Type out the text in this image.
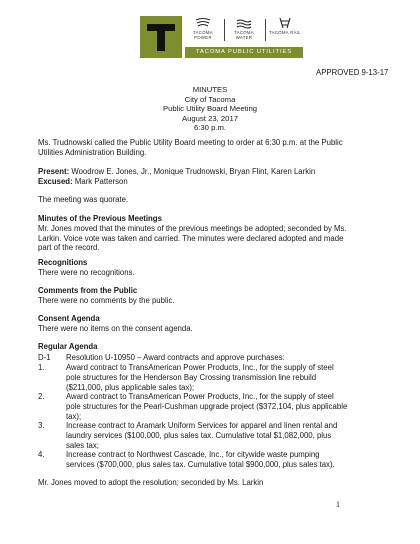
TACOMA POWER
TACOMA WATER
TACOMA RAIL
TACOMA PUBLIC UTILITIES
APPROVED 9-13-17
MINUTES
City of Tacoma
Public Utility Board Meeting
August 23, 2017
6:30 p.m.
Ms. Trudnowski called the Public Utility Board meeting to order at 6:30 p.m. at the Public
Utilities Administration Building.
Present: Woodrow E. Jones, Jr., Monique Trudnowski, Bryan Flint, Karen Larkin
Excused: Mark Patterson
The meeting was quorate.
Minutes of the Previous Meetings
Mr. Jones moved that the minutes of the previous meetings be adopted; seconded by Ms.
Larkin. Voice vote was taken and carried. The minutes were declared adopted and made
part of the record.
Recognitions
There were no recognitions.
Comments from the Public
There were no comments by the public.
Consent Agenda
There were no items on the consent agenda.
Regular Agenda
D-1 Resolution U-10950 – Award contracts and approve purchases:
1.	Award contract to TransAmerican Power Products, Inc., for the supply of steel
pole structures for the Henderson Bay Crossing transmission line rebuild
($211,000, plus applicable sales tax);
2.	Award contract to TransAmerican Power Products, Inc., for the supply of steel
pole structures for the Pearl-Cushman upgrade project ($372,104, plus applicable
tax);
3.	Increase contract to Aramark Uniform Services for apparel and linen rental and
laundry services ($100,000, plus sales tax. Cumulative total $1,082,000, plus
sales tax;
4.	Increase contract to Northwest Cascade, Inc., for citywide waste pumping
services ($700,000, plus sales tax. Cumulative total $900,000, plus sales tax).
Mr. Jones moved to adopt the resolution; seconded by Ms. Larkin
1
